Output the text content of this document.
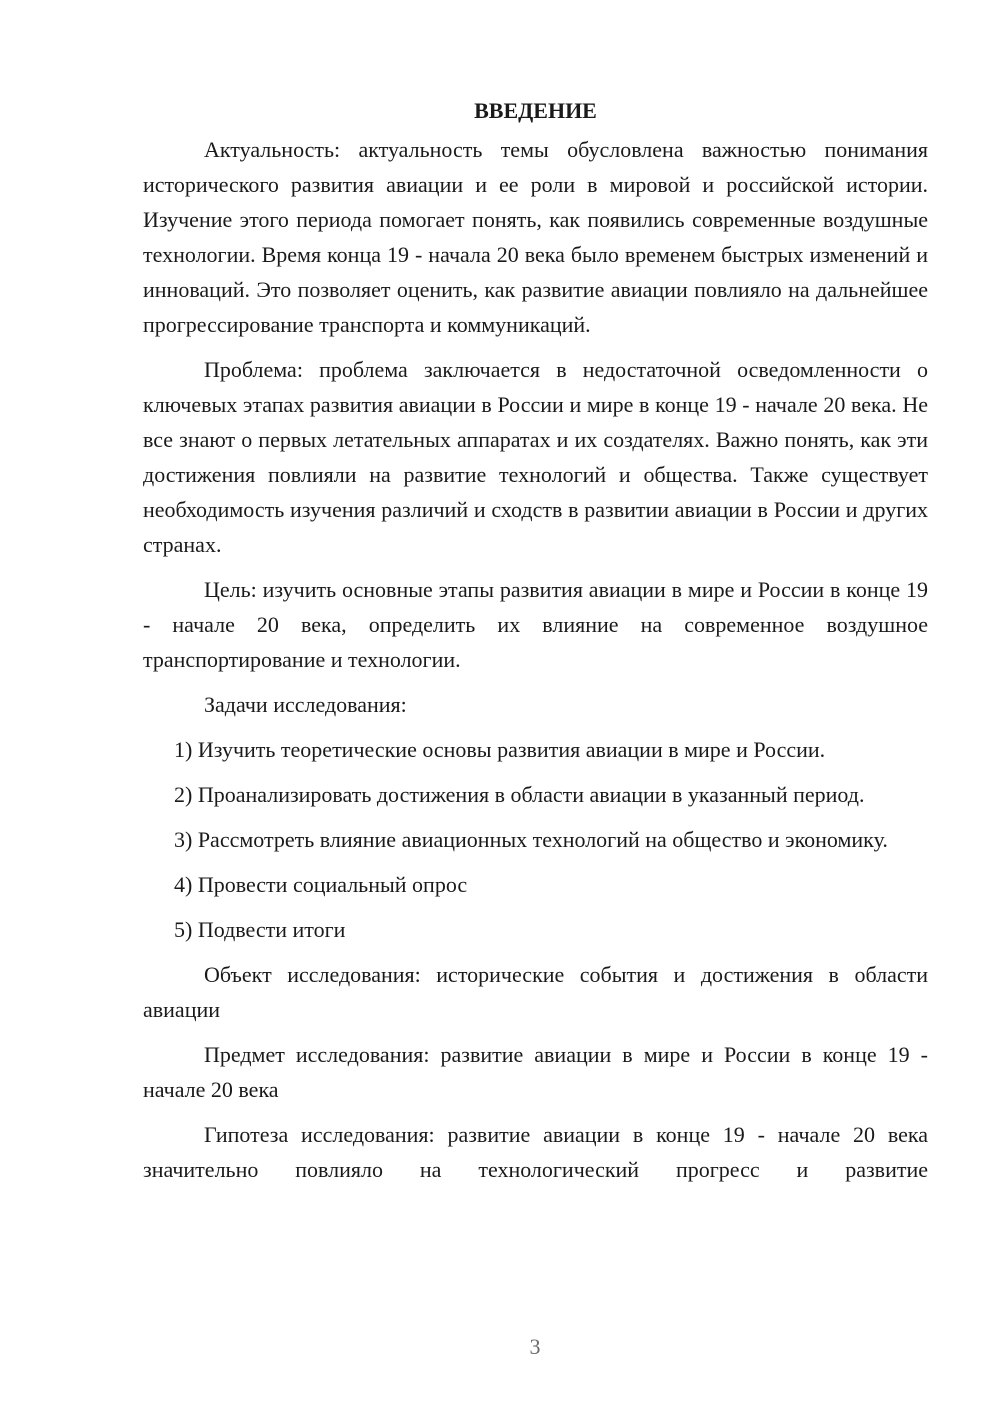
ВВЕДЕНИЕ

Актуальность: актуальность темы обусловлена важностью понимания исторического развития авиации и ее роли в мировой и российской истории. Изучение этого периода помогает понять, как появились современные воздушные технологии. Время конца 19 - начала 20 века было временем быстрых изменений и инноваций. Это позволяет оценить, как развитие авиации повлияло на дальнейшее прогрессирование транспорта и коммуникаций.

Проблема: проблема заключается в недостаточной осведомленности о ключевых этапах развития авиации в России и мире в конце 19 - начале 20 века. Не все знают о первых летательных аппаратах и их создателях. Важно понять, как эти достижения повлияли на развитие технологий и общества. Также существует необходимость изучения различий и сходств в развитии авиации в России и других странах.

Цель: изучить основные этапы развития авиации в мире и России в конце 19 - начале 20 века, определить их влияние на современное воздушное транспортирование и технологии.

Задачи исследования:

1) Изучить теоретические основы развития авиации в мире и России.

2) Проанализировать достижения в области авиации в указанный период.

3) Рассмотреть влияние авиационных технологий на общество и экономику.

4) Провести социальный опрос

5) Подвести итоги

Объект исследования: исторические события и достижения в области авиации

Предмет исследования: развитие авиации в мире и России в конце 19 - начале 20 века

Гипотеза исследования: развитие авиации в конце 19 - начале 20 века значительно повлияло на технологический прогресс и развитие

3
